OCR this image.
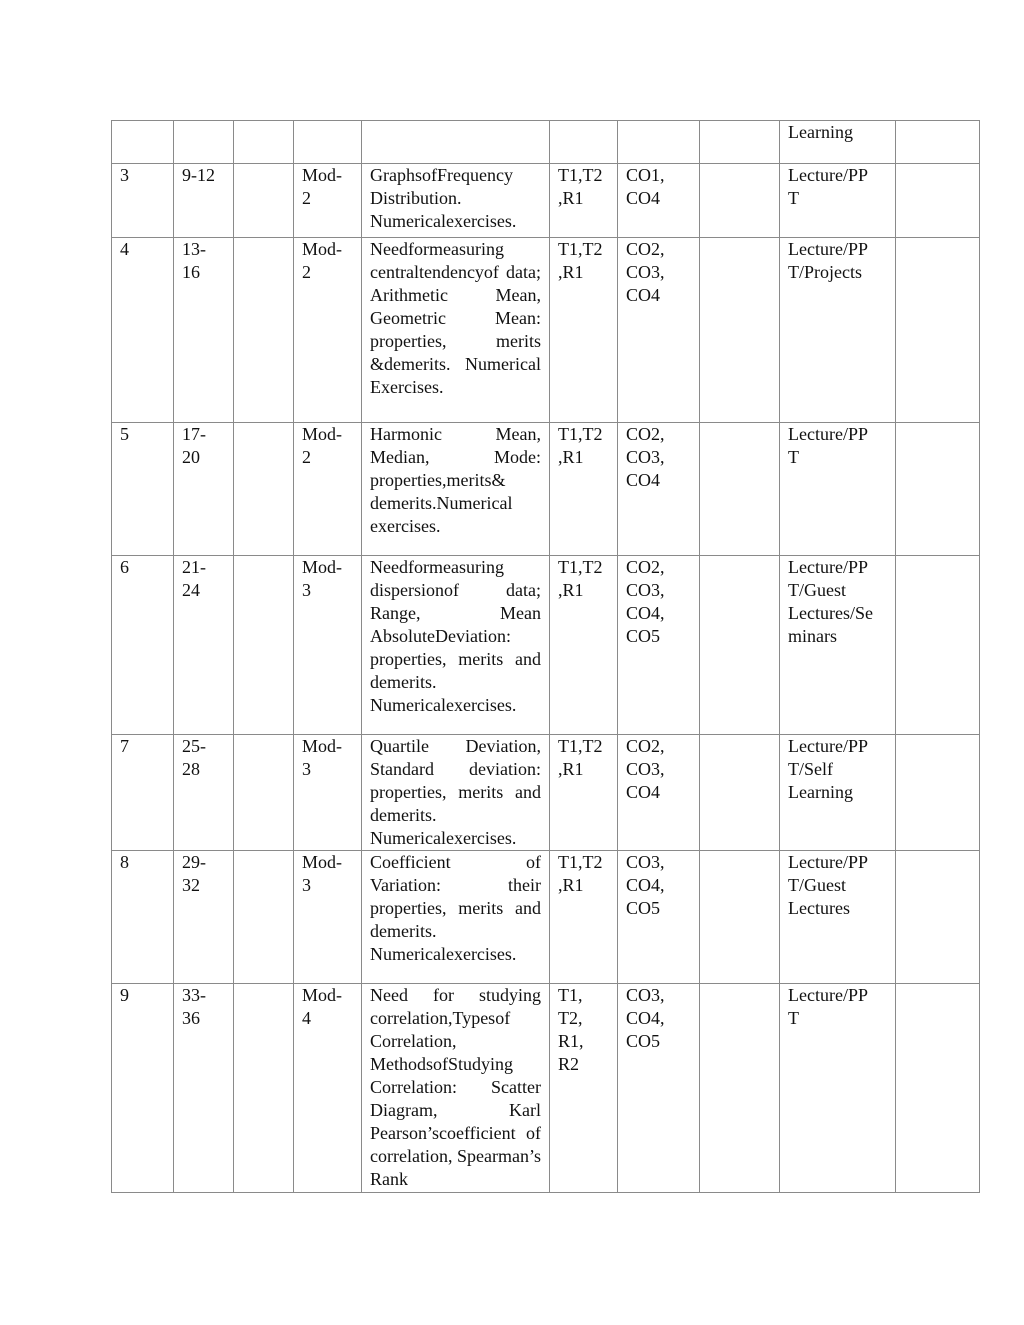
								Learning	
3	9-12		Mod-
2	GraphsofFrequency
Distribution.
Numericalexercises.	T1,T2
,R1	CO1,
CO4		Lecture/PP
T	
4	13-
16		Mod-
2	Needformeasuring centraltendencyof data; Arithmetic Mean, Geometric Mean: properties, merits &demerits. Numerical Exercises.	T1,T2
,R1	CO2,
CO3,
CO4		Lecture/PP
T/Projects	
5	17-
20		Mod-
2	Harmonic Mean, Median, Mode: properties,merits& demerits.Numerical exercises.	T1,T2
,R1	CO2,
CO3,
CO4		Lecture/PP
T	
6	21-
24		Mod-
3	Needformeasuring dispersionof data; Range, Mean AbsoluteDeviation: properties, merits and demerits. Numericalexercises.	T1,T2
,R1	CO2,
CO3,
CO4,
CO5		Lecture/PP
T/Guest
Lectures/Se
minars	
7	25-
28		Mod-
3	Quartile Deviation, Standard deviation: properties, merits and demerits. Numericalexercises.	T1,T2
,R1	CO2,
CO3,
CO4		Lecture/PP
T/Self
Learning	
8	29-
32		Mod-
3	Coefficient of Variation: their properties, merits and demerits. Numericalexercises.	T1,T2
,R1	CO3,
CO4,
CO5		Lecture/PP
T/Guest
Lectures	
9	33-
36		Mod-
4	Need for studying correlation,Typesof Correlation, MethodsofStudying Correlation: Scatter Diagram, Karl Pearson’scoefficient of correlation, Spearman’s Rank	T1,
T2,
R1,
R2	CO3,
CO4,
CO5		Lecture/PP
T	
